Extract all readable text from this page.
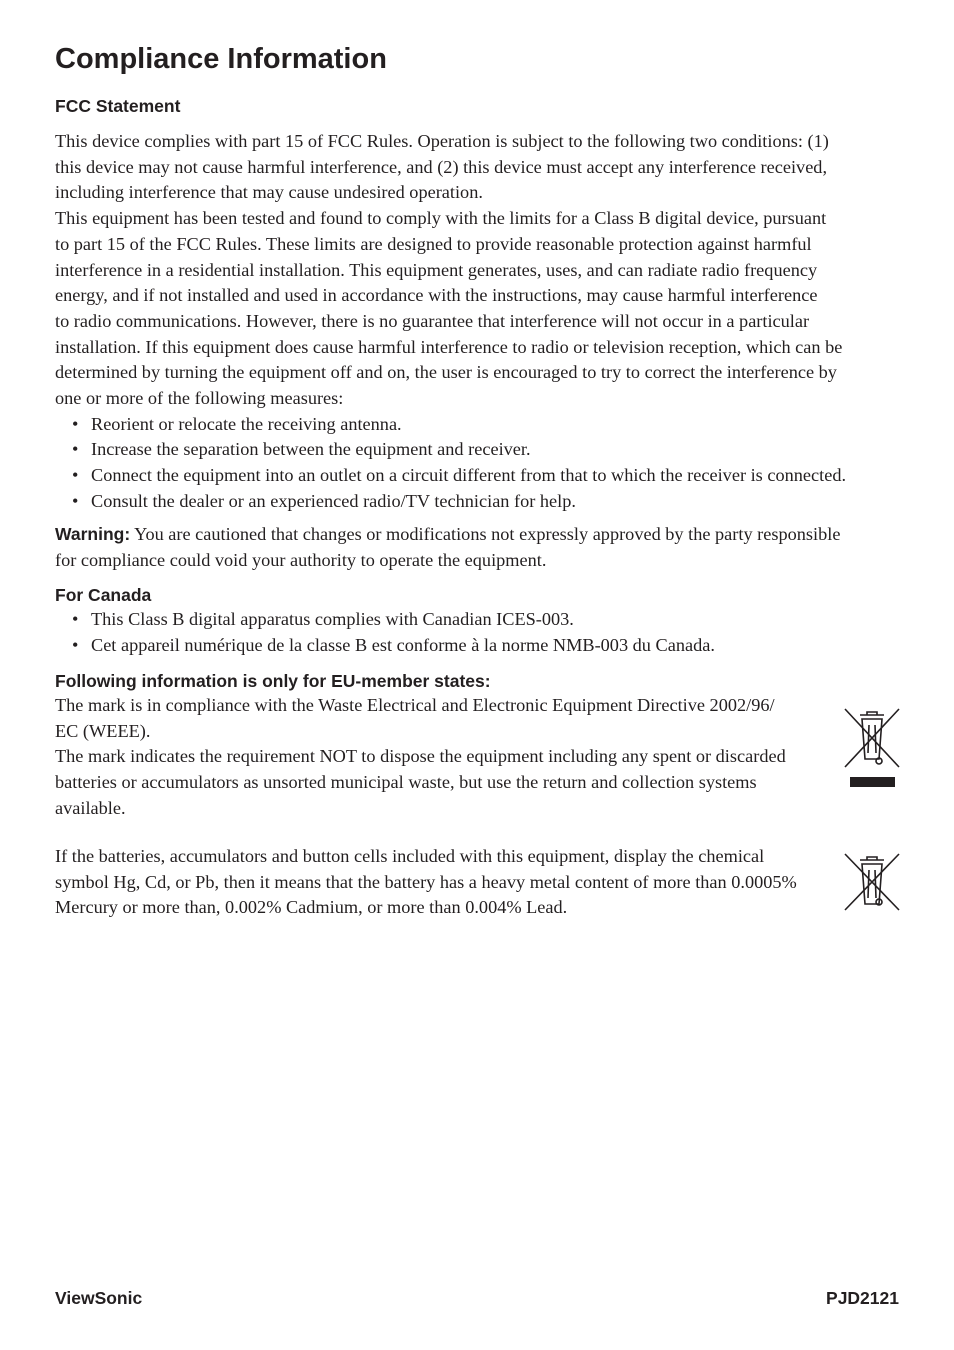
Compliance Information
FCC Statement

This device complies with part 15 of FCC Rules. Operation is subject to the following two conditions: (1)

this device may not cause harmful interference, and (2) this device must accept any interference received,

including interference that may cause undesired operation.

This equipment has been tested and found to comply with the limits for a Class B digital device, pursuant

to part 15 of the FCC Rules. These limits are designed to provide reasonable protection against harmful

interference in a residential installation. This equipment generates, uses, and can radiate radio frequency

energy, and if not installed and used in accordance with the instructions, may cause harmful interference

to radio communications. However, there is no guarantee that interference will not occur in a particular

installation. If this equipment does cause harmful interference to radio or television reception, which can be

determined by turning the equipment off and on, the user is encouraged to try to correct the interference by

one or more of the following measures:

• Reorient or relocate the receiving antenna.
• Increase the separation between the equipment and receiver.
• Connect the equipment into an outlet on a circuit different from that to which the receiver is connected.
• Consult the dealer or an experienced radio/TV technician for help.

Warning: You are cautioned that changes or modifications not expressly approved by the party responsible

for compliance could void your authority to operate the equipment.

For Canada
• This Class B digital apparatus complies with Canadian ICES-003.
• Cet appareil numérique de la classe B est conforme à la norme NMB-003 du Canada.
Following information is only for EU-member states:

The mark is in compliance with the Waste Electrical and Electronic Equipment Directive 2002/96/

EC (WEEE).

The mark indicates the requirement NOT to dispose the equipment including any spent or discarded

batteries or accumulators as unsorted municipal waste, but use the return and collection systems

available.

If the batteries, accumulators and button cells included with this equipment, display the chemical

symbol Hg, Cd, or Pb, then it means that the battery has a heavy metal content of more than 0.0005%

Mercury or more than, 0.002% Cadmium, or more than 0.004% Lead.

ViewSonic	PJD2121
